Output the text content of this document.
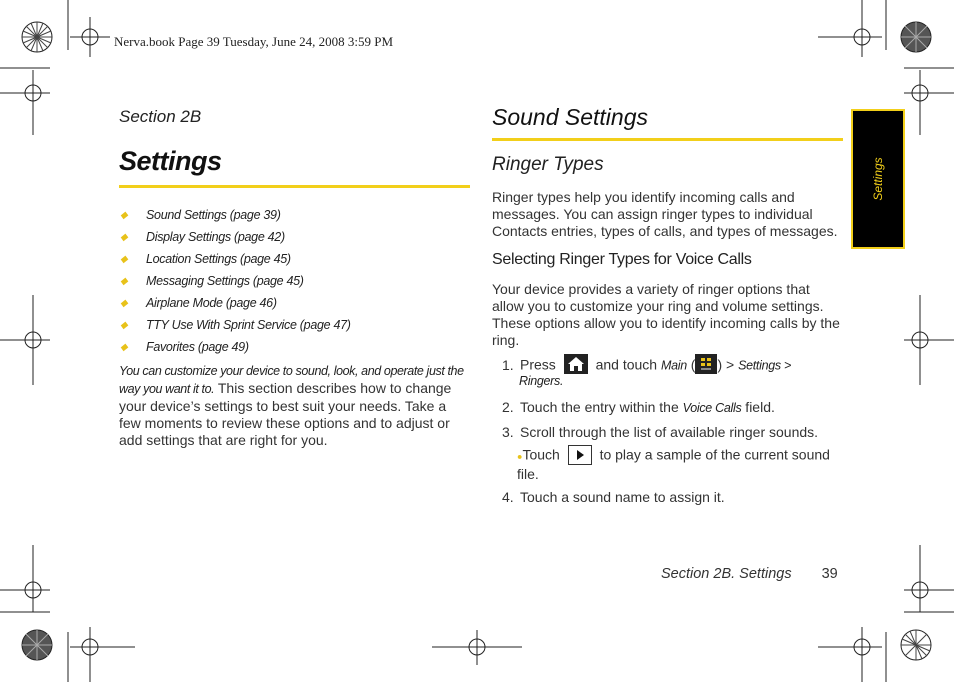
Nerva.book Page 39 Tuesday, June 24, 2008 3:59 PM
Section 2B
Settings
◆	Sound Settings (page 39)
◆	Display Settings (page 42)
◆	Location Settings (page 45)
◆	Messaging Settings (page 45)
◆	Airplane Mode (page 46)
◆	TTY Use With Sprint Service (page 47)
◆	Favorites (page 49)
You can customize your device to sound, look, and operate just the way you want it to. This section describes how to change your device’s settings to best suit your needs. Take a few moments to review these options and to adjust or add settings that are right for you.
Sound Settings
Ringer Types
Ringer types help you identify incoming calls and messages. You can assign ringer types to individual Contacts entries, types of calls, and types of messages.
Selecting Ringer Types for Voice Calls
Your device provides a variety of ringer options that allow you to customize your ring and volume settings. These options allow you to identify incoming calls by the ring.
1. Press	and touch Main ( ) > Settings >
Ringers.
2. Touch the entry within the Voice Calls field.
3. Scroll through the list of available ringer sounds.
●Touch	to play a sample of the current sound file.
4. Touch a sound name to assign it.
Settings
Section 2B. Settings 39
